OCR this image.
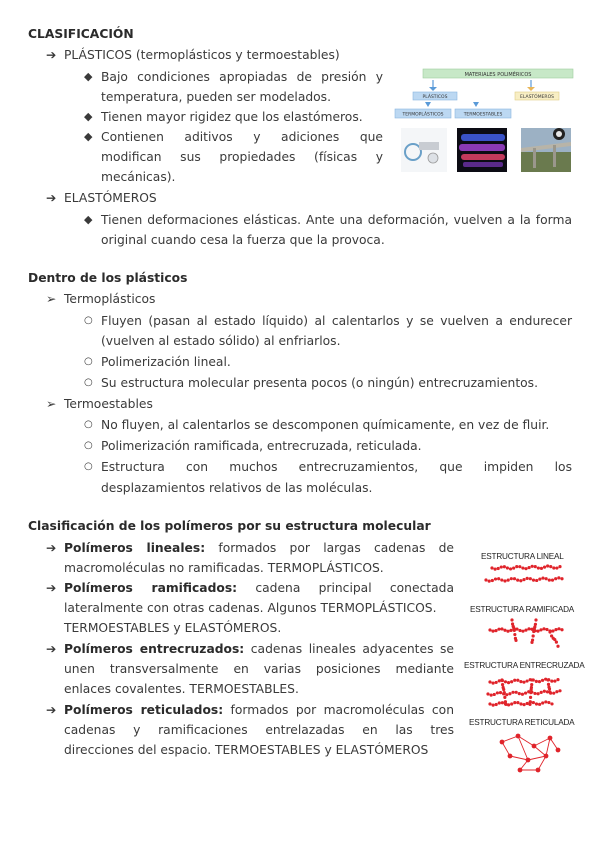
CLASIFICACIÓN
➔ PLÁSTICOS (termoplásticos y termoestables)
◆ Bajo condiciones apropiadas de presión y
temperatura, pueden ser modelados.
◆ Tienen mayor rigidez que los elastómeros.
◆ Contienen aditivos y adiciones que
modifican sus propiedades (físicas y
mecánicas).
➔ ELASTÓMEROS
◆ Tienen deformaciones elásticas. Ante una deformación, vuelven a la forma
original cuando cesa la fuerza que la provoca.
MATERIALES POLIMÉRICOS
PLÁSTICOS	ELASTÓMEROS
TERMOPLÁSTICOS	TERMOESTABLES
Dentro de los plásticos
➢ Termoplásticos
○ Fluyen (pasan al estado líquido) al calentarlos y se vuelven a endurecer
(vuelven al estado sólido) al enfriarlos.
○ Polimerización lineal.
○ Su estructura molecular presenta pocos (o ningún) entrecruzamientos.
➢ Termoestables
○ No fluyen, al calentarlos se descomponen químicamente, en vez de fluir.
○ Polimerización ramificada, entrecruzada, reticulada.
○ Estructura con muchos entrecruzamientos, que impiden los
desplazamientos relativos de las moléculas.
Clasificación de los polímeros por su estructura molecular
➔ Polímeros lineales: formados por largas cadenas de
macromoléculas no ramificadas. TERMOPLÁSTICOS.
➔ Polímeros ramificados: cadena principal conectada
lateralmente con otras cadenas. Algunos TERMOPLÁSTICOS.
TERMOESTABLES y ELASTÓMEROS.
➔ Polímeros entrecruzados: cadenas lineales adyacentes se
unen transversalmente en varias posiciones mediante
enlaces covalentes. TERMOESTABLES.
➔ Polímeros reticulados: formados por macromoléculas con
cadenas y ramificaciones entrelazadas en las tres
direcciones del espacio. TERMOESTABLES y ELASTÓMEROS
ESTRUCTURA LINEAL
ESTRUCTURA RAMIFICADA
ESTRUCTURA ENTRECRUZADA
ESTRUCTURA RETICULADA
